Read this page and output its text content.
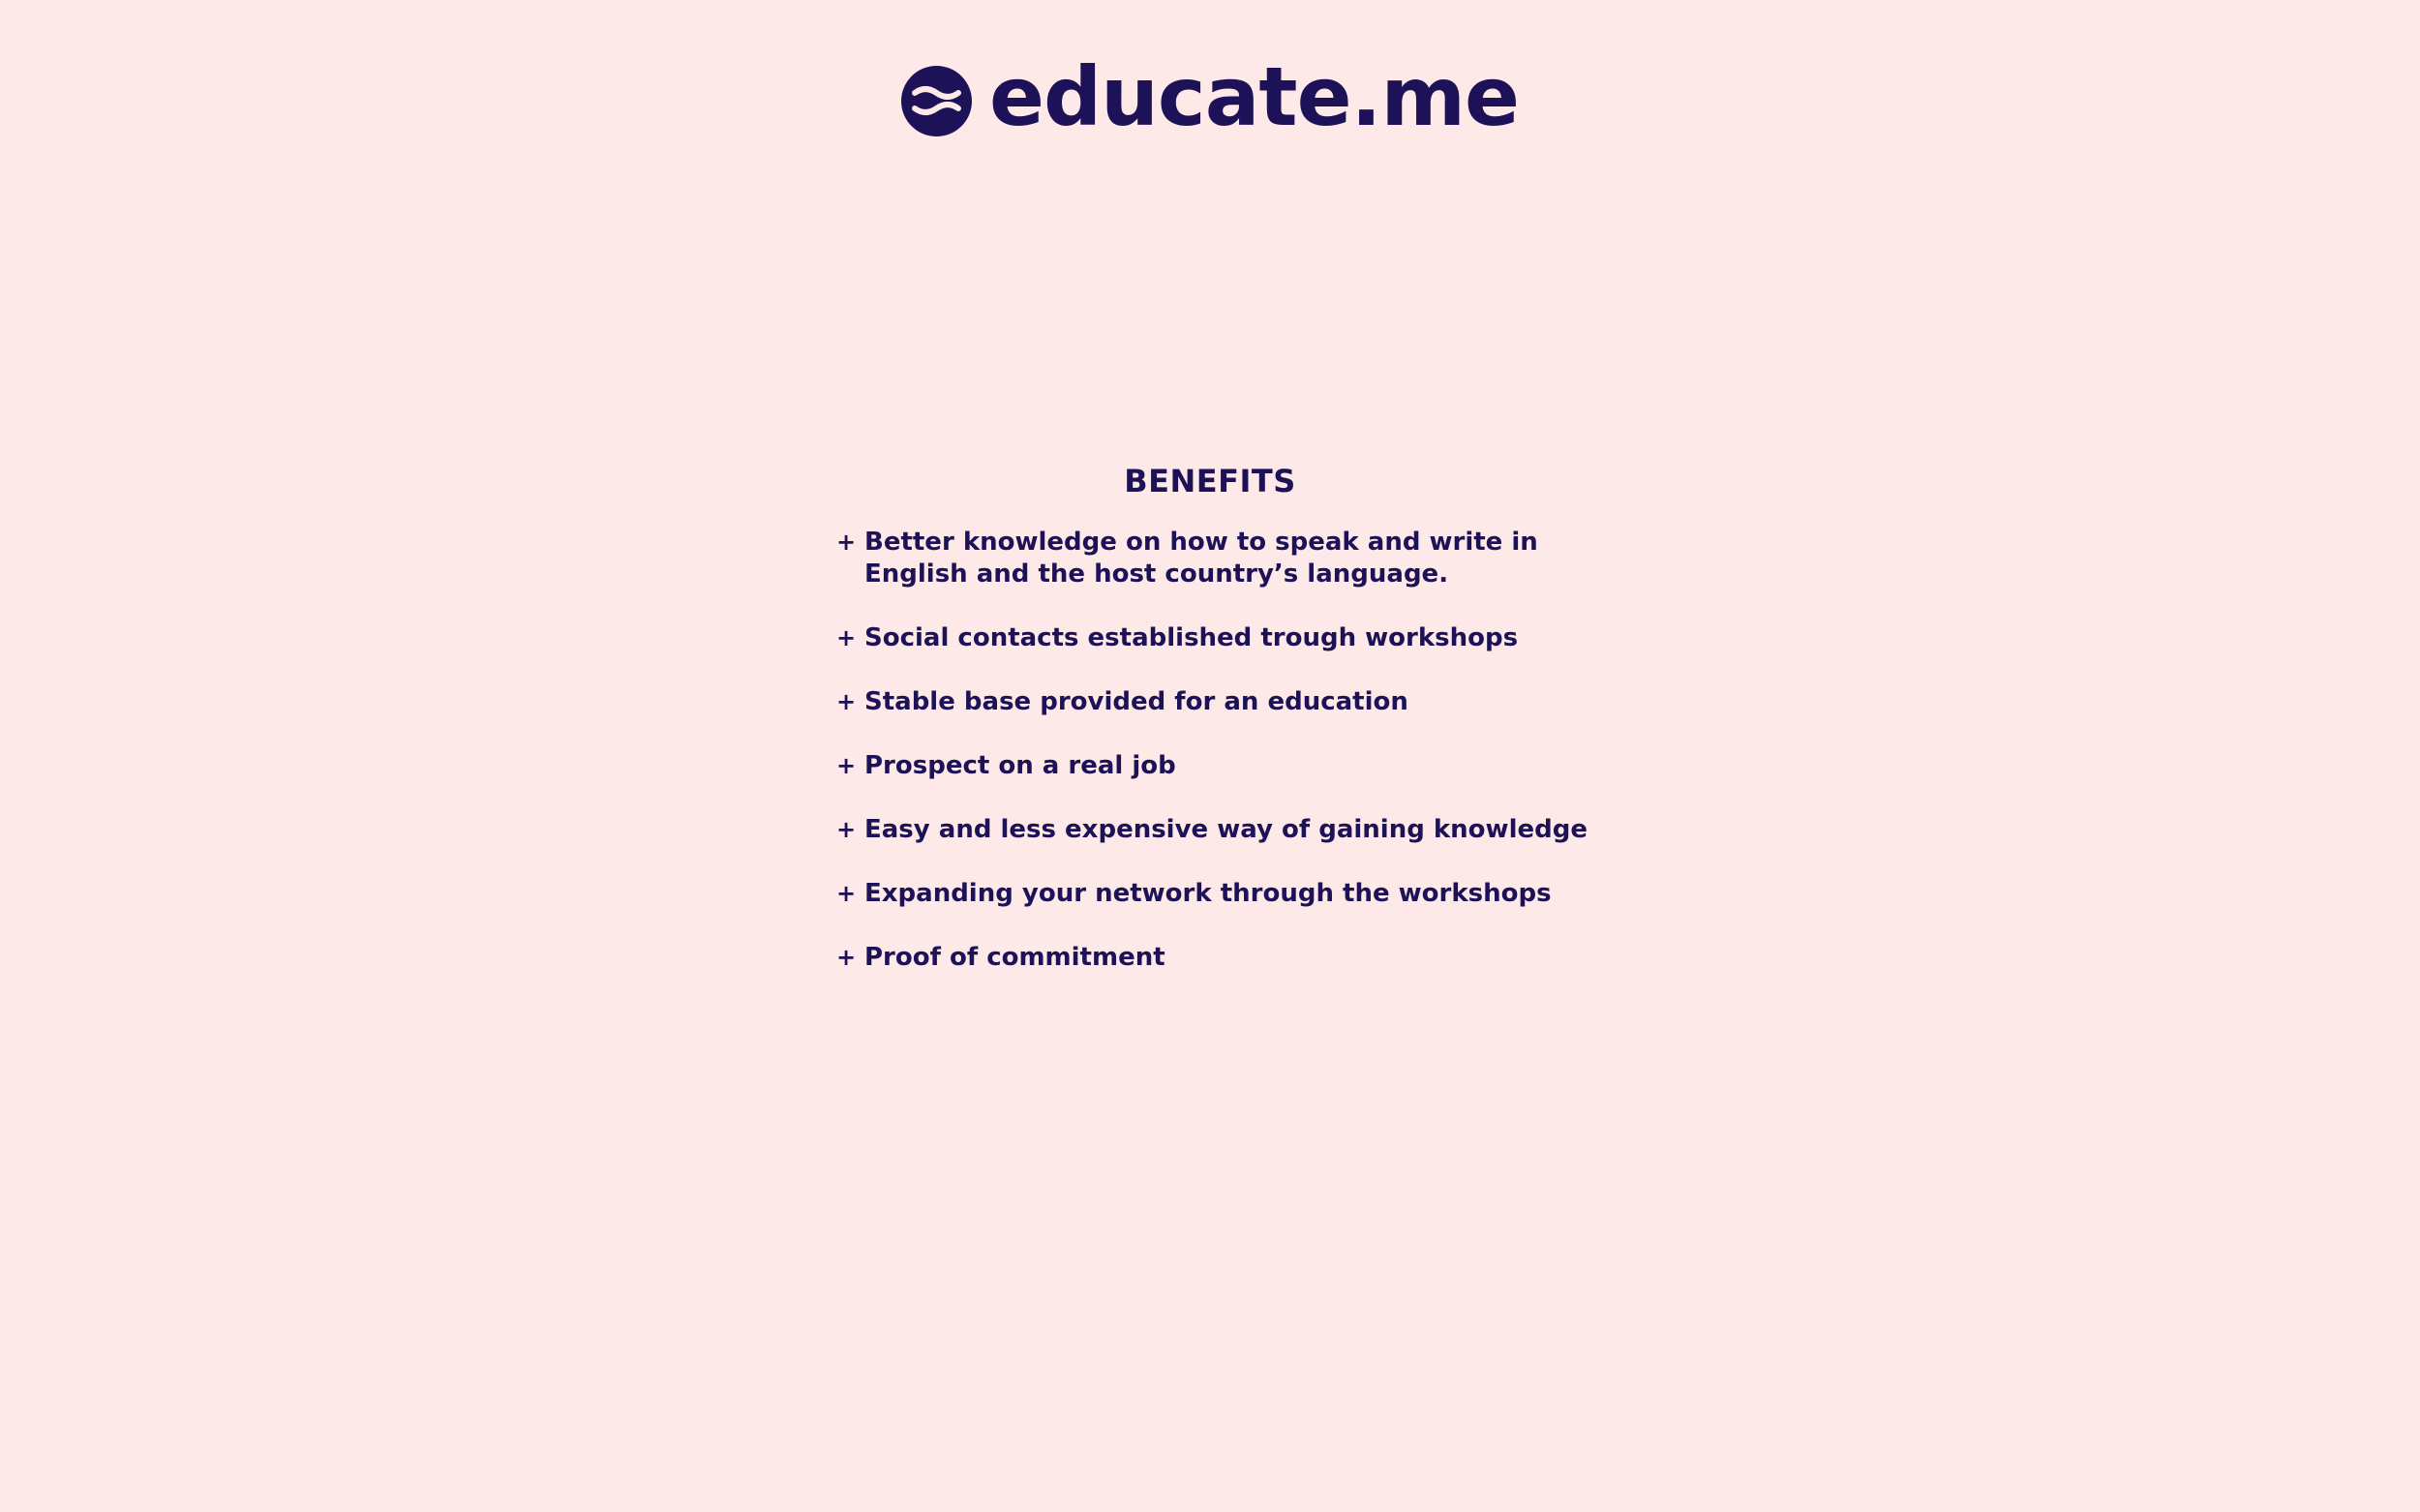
educate.me
BENEFITS
+ Better knowledge on how to speak and write in English and the host country’s language.
+ Social contacts established trough workshops
+ Stable base provided for an education
+ Prospect on a real job
+ Easy and less expensive way of gaining knowledge
+ Expanding your network through the workshops
+ Proof of commitment
